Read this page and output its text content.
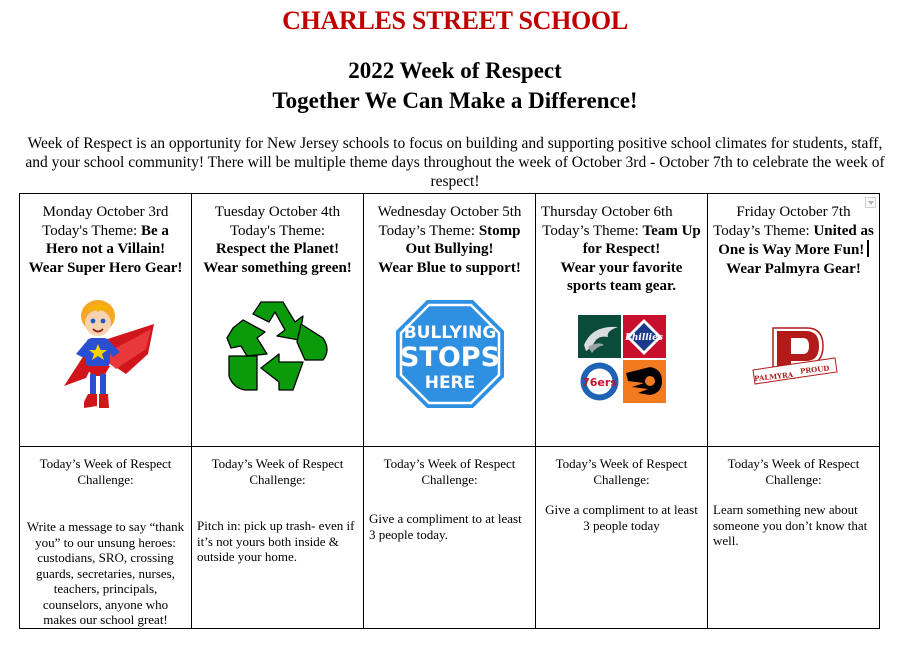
CHARLES STREET SCHOOL
2022 Week of Respect
Together We Can Make a Difference!
Week of Respect is an opportunity for New Jersey schools to focus on building and supporting positive school climates for students, staff, and your school community! There will be multiple theme days throughout the week of October 3rd - October 7th to celebrate the week of respect!
Monday October 3rd
Today's Theme: Be a Hero not a Villain!
Wear Super Hero Gear!

Tuesday October 4th
Today's Theme:
Respect the Planet!
Wear something green!

Wednesday October 5th
Today’s Theme: Stomp Out Bullying!
Wear Blue to support!
BULLYING
STOPS
HERE

Thursday October 6th
Today’s Theme: Team Up for Respect!
Wear your favorite sports team gear.
Phillies
76ers

Friday October 7th
Today’s Theme: United as One is Way More Fun!
Wear Palmyra Gear!
PALMYRA
PROUD

Today’s Week of Respect Challenge:
Write a message to say “thank you” to our unsung heroes: custodians, SRO, crossing guards, secretaries, nurses, teachers, principals, counselors, anyone who makes our school great!

Today’s Week of Respect Challenge:
Pitch in: pick up trash- even if it’s not yours both inside & outside your home.

Today’s Week of Respect Challenge:
Give a compliment to at least 3 people today.

Today’s Week of Respect Challenge:
Give a compliment to at least 3 people today

Today’s Week of Respect Challenge:
Learn something new about someone you don’t know that well.
